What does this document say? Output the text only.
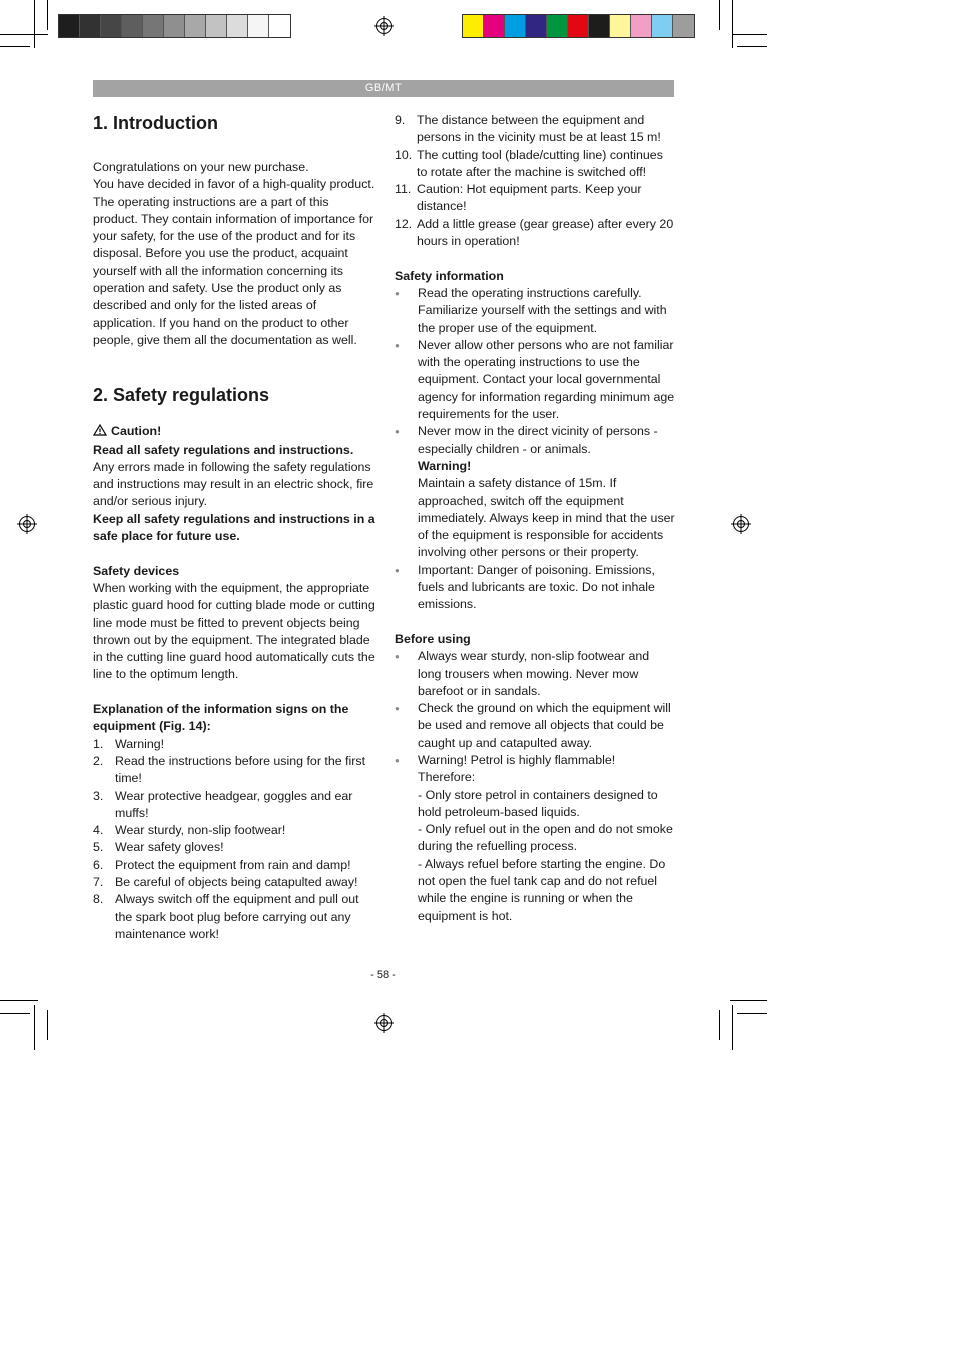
GB/MT
1. Introduction

Congratulations on your new purchase.

You have decided in favor of a high-quality product. The operating instructions are a part of this product. They contain information of importance for your safety, for the use of the product and for its disposal. Before you use the product, acquaint yourself with all the information concerning its operation and safety. Use the product only as described and only for the listed areas of application. If you hand on the product to other people, give them all the documentation as well.

2. Safety regulations

Caution!

Read all safety regulations and instructions.

Any errors made in following the safety regulations and instructions may result in an electric shock, fire and/or serious injury.

Keep all safety regulations and instructions in a safe place for future use.

Safety devices

When working with the equipment, the appropriate plastic guard hood for cutting blade mode or cutting line mode must be fitted to prevent objects being thrown out by the equipment. The integrated blade in the cutting line guard hood automatically cuts the line to the optimum length.

Explanation of the information signs on the equipment (Fig. 14):

1. Warning!
2. Read the instructions before using for the first time!
3. Wear protective headgear, goggles and ear muffs!
4. Wear sturdy, non-slip footwear!
5. Wear safety gloves!
6. Protect the equipment from rain and damp!
7. Be careful of objects being catapulted away!
8. Always switch off the equipment and pull out the spark boot plug before carrying out any maintenance work!
9. The distance between the equipment and persons in the vicinity must be at least 15 m!
10. The cutting tool (blade/cutting line) continues to rotate after the machine is switched off!
11. Caution: Hot equipment parts. Keep your distance!
12. Add a little grease (gear grease) after every 20 hours in operation!

Safety information

● Read the operating instructions carefully. Familiarize yourself with the settings and with the proper use of the equipment.
● Never allow other persons who are not familiar with the operating instructions to use the equipment. Contact your local governmental agency for information regarding minimum age requirements for the user.
● Never mow in the direct vicinity of persons - especially children - or animals.
Warning!
Maintain a safety distance of 15m. If approached, switch off the equipment immediately. Always keep in mind that the user of the equipment is responsible for accidents involving other persons or their property.
● Important: Danger of poisoning. Emissions, fuels and lubricants are toxic. Do not inhale emissions.

Before using

● Always wear sturdy, non-slip footwear and long trousers when mowing. Never mow barefoot or in sandals.
● Check the ground on which the equipment will be used and remove all objects that could be caught up and catapulted away.
● Warning! Petrol is highly flammable! Therefore:
- Only store petrol in containers designed to hold petroleum-based liquids.
- Only refuel out in the open and do not smoke during the refuelling process.
- Always refuel before starting the engine. Do not open the fuel tank cap and do not refuel while the engine is running or when the equipment is hot.
- 58 -
